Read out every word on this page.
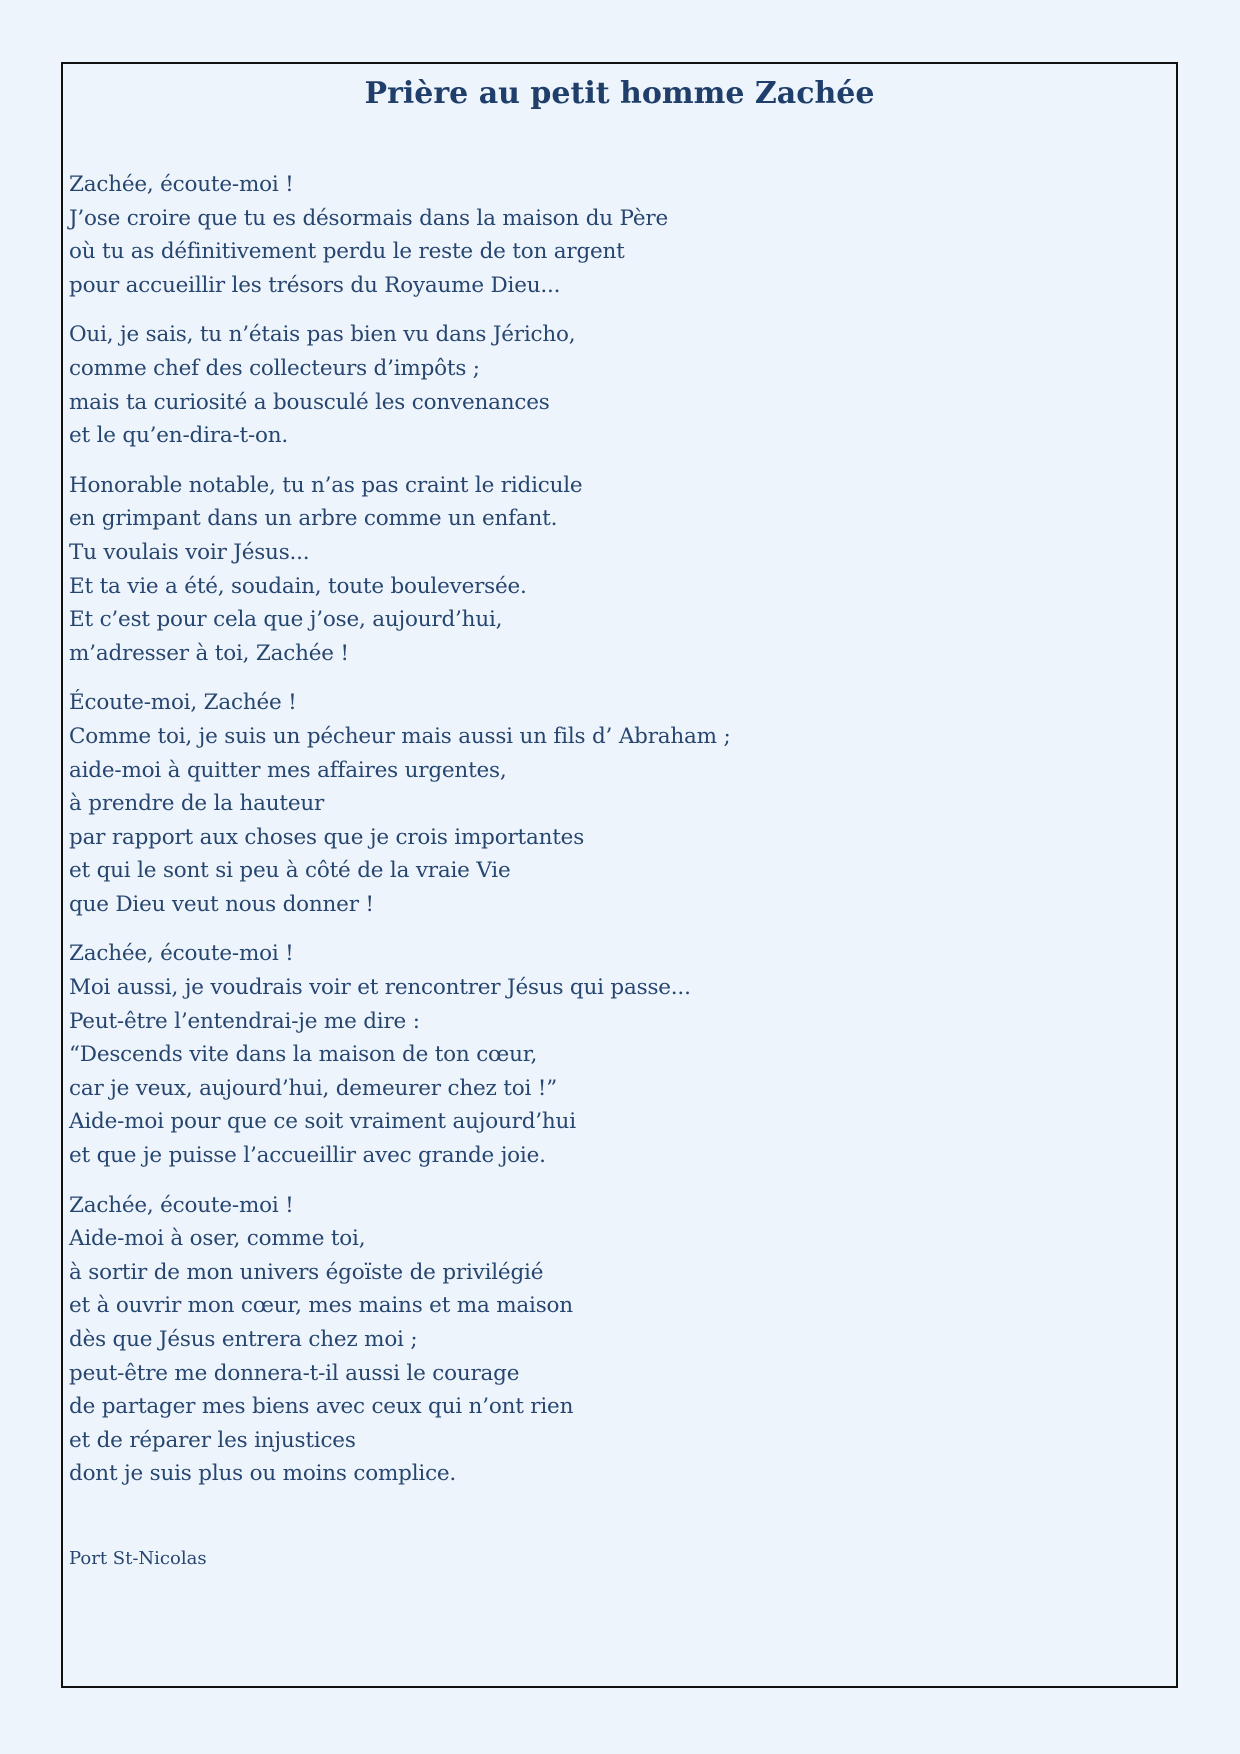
Prière au petit homme Zachée
Zachée, écoute-moi !
J’ose croire que tu es désormais dans la maison du Père
où tu as définitivement perdu le reste de ton argent
pour accueillir les trésors du Royaume Dieu...
Oui, je sais, tu n’étais pas bien vu dans Jéricho,
comme chef des collecteurs d’impôts ;
mais ta curiosité a bousculé les convenances
et le qu’en-dira-t-on.
Honorable notable, tu n’as pas craint le ridicule
en grimpant dans un arbre comme un enfant.
Tu voulais voir Jésus...
Et ta vie a été, soudain, toute bouleversée.
Et c’est pour cela que j’ose, aujourd’hui,
m’adresser à toi, Zachée !
Écoute-moi, Zachée !
Comme toi, je suis un pécheur mais aussi un fils d’ Abraham ;
aide-moi à quitter mes affaires urgentes,
à prendre de la hauteur
par rapport aux choses que je crois importantes
et qui le sont si peu à côté de la vraie Vie
que Dieu veut nous donner !
Zachée, écoute-moi !
Moi aussi, je voudrais voir et rencontrer Jésus qui passe...
Peut-être l’entendrai-je me dire :
“Descends vite dans la maison de ton cœur,
car je veux, aujourd’hui, demeurer chez toi !”
Aide-moi pour que ce soit vraiment aujourd’hui
et que je puisse l’accueillir avec grande joie.
Zachée, écoute-moi !
Aide-moi à oser, comme toi,
à sortir de mon univers égoïste de privilégié
et à ouvrir mon cœur, mes mains et ma maison
dès que Jésus entrera chez moi ;
peut-être me donnera-t-il aussi le courage
de partager mes biens avec ceux qui n’ont rien
et de réparer les injustices
dont je suis plus ou moins complice.

Port St-Nicolas
